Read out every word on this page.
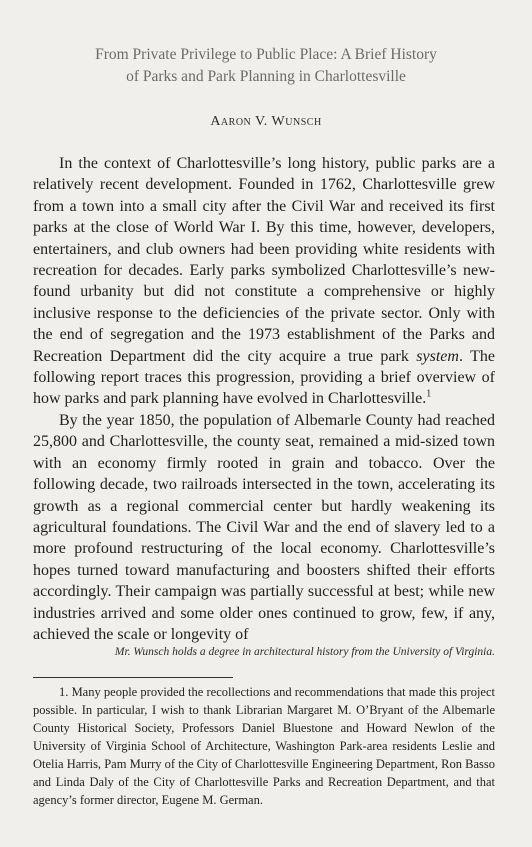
From Private Privilege to Public Place: A Brief History
of Parks and Park Planning in Charlottesville
Aaron V. Wunsch

In the context of Charlottesville’s long history, public parks are a relatively recent development. Founded in 1762, Charlottesville grew from a town into a small city after the Civil War and received its first parks at the close of World War I. By this time, however, developers, entertainers, and club owners had been providing white residents with recreation for decades. Early parks symbolized Charlottesville’s new-found urbanity but did not constitute a comprehensive or highly inclusive response to the deficiencies of the private sector. Only with the end of segregation and the 1973 establishment of the Parks and Recreation Department did the city acquire a true park system. The following report traces this progression, providing a brief overview of how parks and park planning have evolved in Charlottesville.$^1$

By the year 1850, the population of Albemarle County had reached 25,800 and Charlottesville, the county seat, remained a mid-sized town with an economy firmly rooted in grain and tobacco. Over the following decade, two railroads intersected in the town, accelerating its growth as a regional commercial center but hardly weakening its agricultural foundations. The Civil War and the end of slavery led to a more profound restructuring of the local economy. Charlottesville’s hopes turned toward manufacturing and boosters shifted their efforts accordingly. Their campaign was partially successful at best; while new industries arrived and some older ones continued to grow, few, if any, achieved the scale or longevity of

Mr. Wunsch holds a degree in architectural history from the University of Virginia.
1. Many people provided the recollections and recommendations that made this project possible. In particular, I wish to thank Librarian Margaret M. O’Bryant of the Albemarle County Historical Society, Professors Daniel Bluestone and Howard Newlon of the University of Virginia School of Architecture, Washington Park-area residents Leslie and Otelia Harris, Pam Murry of the City of Charlottesville Engineering Department, Ron Basso and Linda Daly of the City of Charlottesville Parks and Recreation Department, and that agency’s former director, Eugene M. German.
